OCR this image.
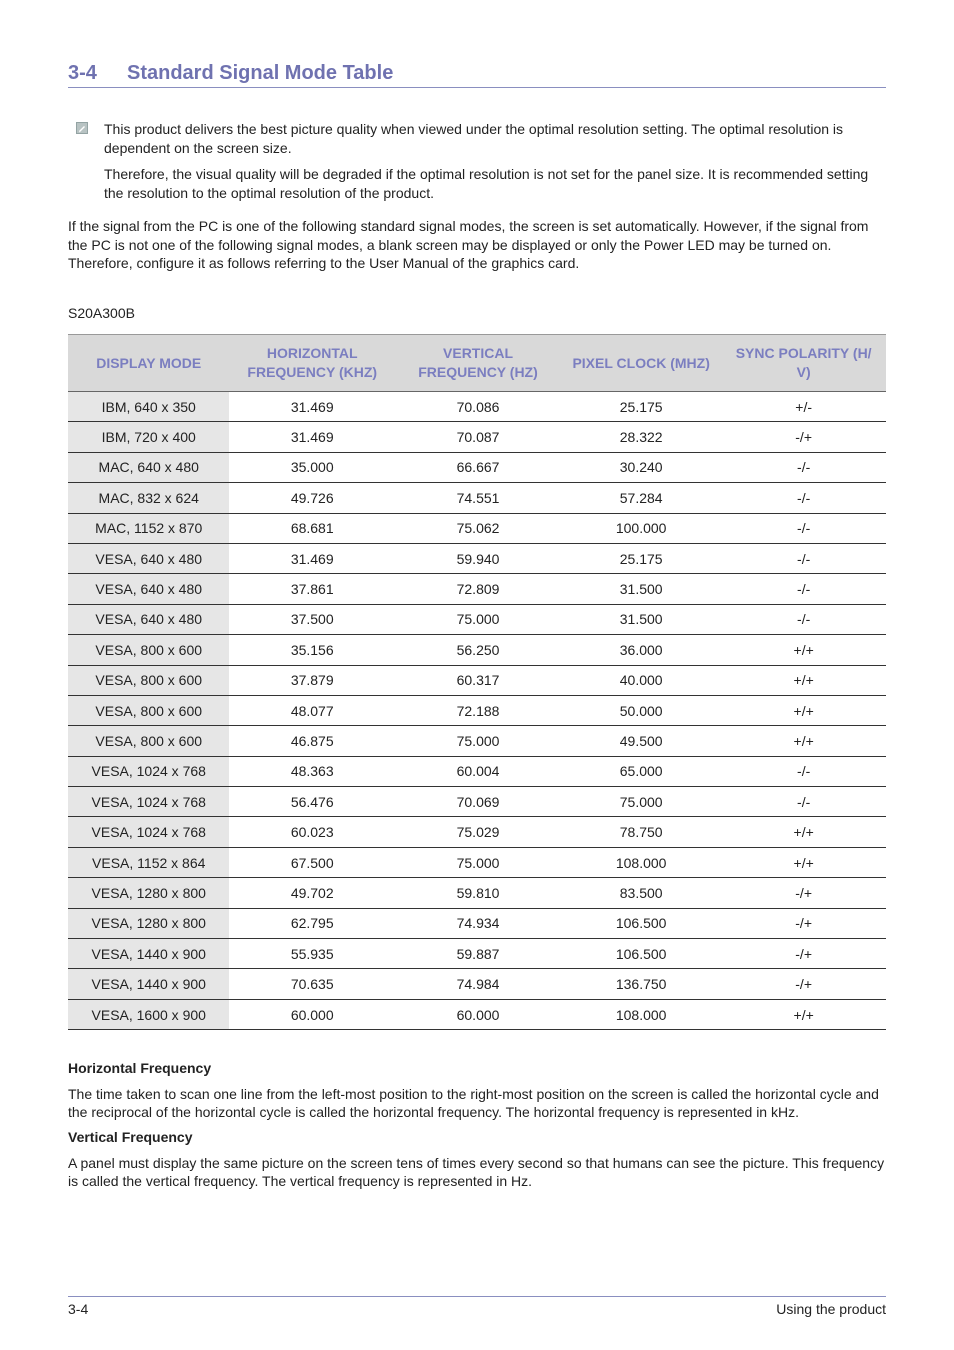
3-4 Standard Signal Mode Table

This product delivers the best picture quality when viewed under the optimal resolution setting. The optimal resolution is dependent on the screen size.

Therefore, the visual quality will be degraded if the optimal resolution is not set for the panel size. It is recommended setting the resolution to the optimal resolution of the product.

If the signal from the PC is one of the following standard signal modes, the screen is set automatically. However, if the signal from the PC is not one of the following signal modes, a blank screen may be displayed or only the Power LED may be turned on. Therefore, configure it as follows referring to the User Manual of the graphics card.

S20A300B

DISPLAY MODE	HORIZONTAL FREQUENCY (KHZ)	VERTICAL FREQUENCY (HZ)	PIXEL CLOCK (MHZ)	SYNC POLARITY (H/ V)
IBM, 640 x 350	31.469	70.086	25.175	+/-
IBM, 720 x 400	31.469	70.087	28.322	-/+
MAC, 640 x 480	35.000	66.667	30.240	-/-
MAC, 832 x 624	49.726	74.551	57.284	-/-
MAC, 1152 x 870	68.681	75.062	100.000	-/-
VESA, 640 x 480	31.469	59.940	25.175	-/-
VESA, 640 x 480	37.861	72.809	31.500	-/-
VESA, 640 x 480	37.500	75.000	31.500	-/-
VESA, 800 x 600	35.156	56.250	36.000	+/+
VESA, 800 x 600	37.879	60.317	40.000	+/+
VESA, 800 x 600	48.077	72.188	50.000	+/+
VESA, 800 x 600	46.875	75.000	49.500	+/+
VESA, 1024 x 768	48.363	60.004	65.000	-/-
VESA, 1024 x 768	56.476	70.069	75.000	-/-
VESA, 1024 x 768	60.023	75.029	78.750	+/+
VESA, 1152 x 864	67.500	75.000	108.000	+/+
VESA, 1280 x 800	49.702	59.810	83.500	-/+
VESA, 1280 x 800	62.795	74.934	106.500	-/+
VESA, 1440 x 900	55.935	59.887	106.500	-/+
VESA, 1440 x 900	70.635	74.984	136.750	-/+
VESA, 1600 x 900	60.000	60.000	108.000	+/+

Horizontal Frequency

The time taken to scan one line from the left-most position to the right-most position on the screen is called the horizontal cycle and the reciprocal of the horizontal cycle is called the horizontal frequency. The horizontal frequency is represented in kHz.

Vertical Frequency

A panel must display the same picture on the screen tens of times every second so that humans can see the picture. This frequency is called the vertical frequency. The vertical frequency is represented in Hz.

3-4	Using the product
